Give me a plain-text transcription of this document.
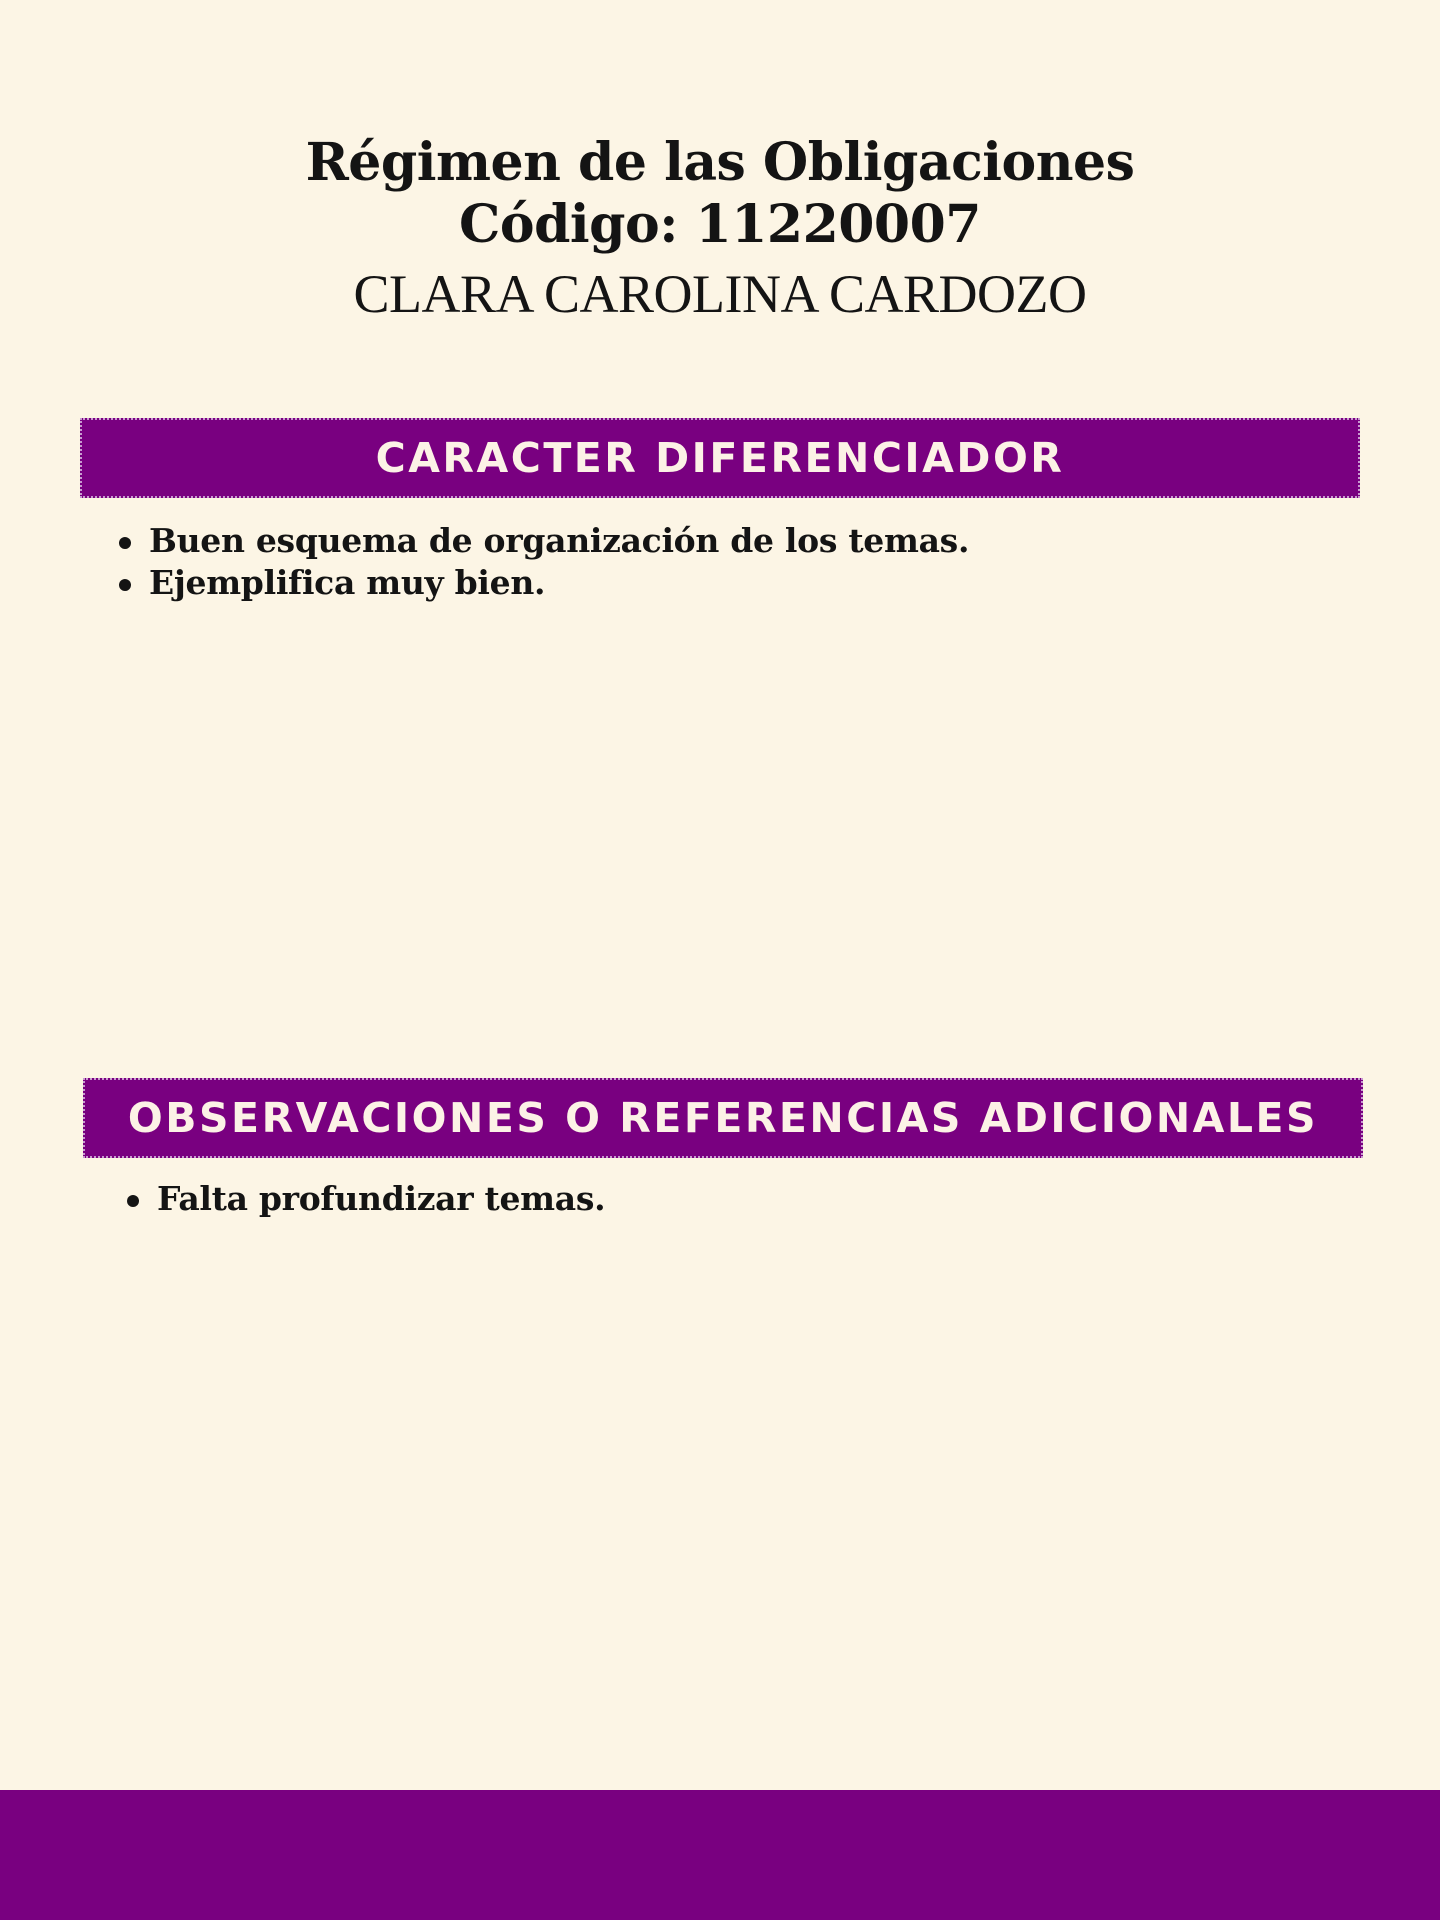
Régimen de las Obligaciones

Código: 11220007

CLARA CAROLINA CARDOZO

CARACTER DIFERENCIADOR
Buen esquema de organización de los temas.
Ejemplifica muy bien.
OBSERVACIONES O REFERENCIAS ADICIONALES
Falta profundizar temas.
